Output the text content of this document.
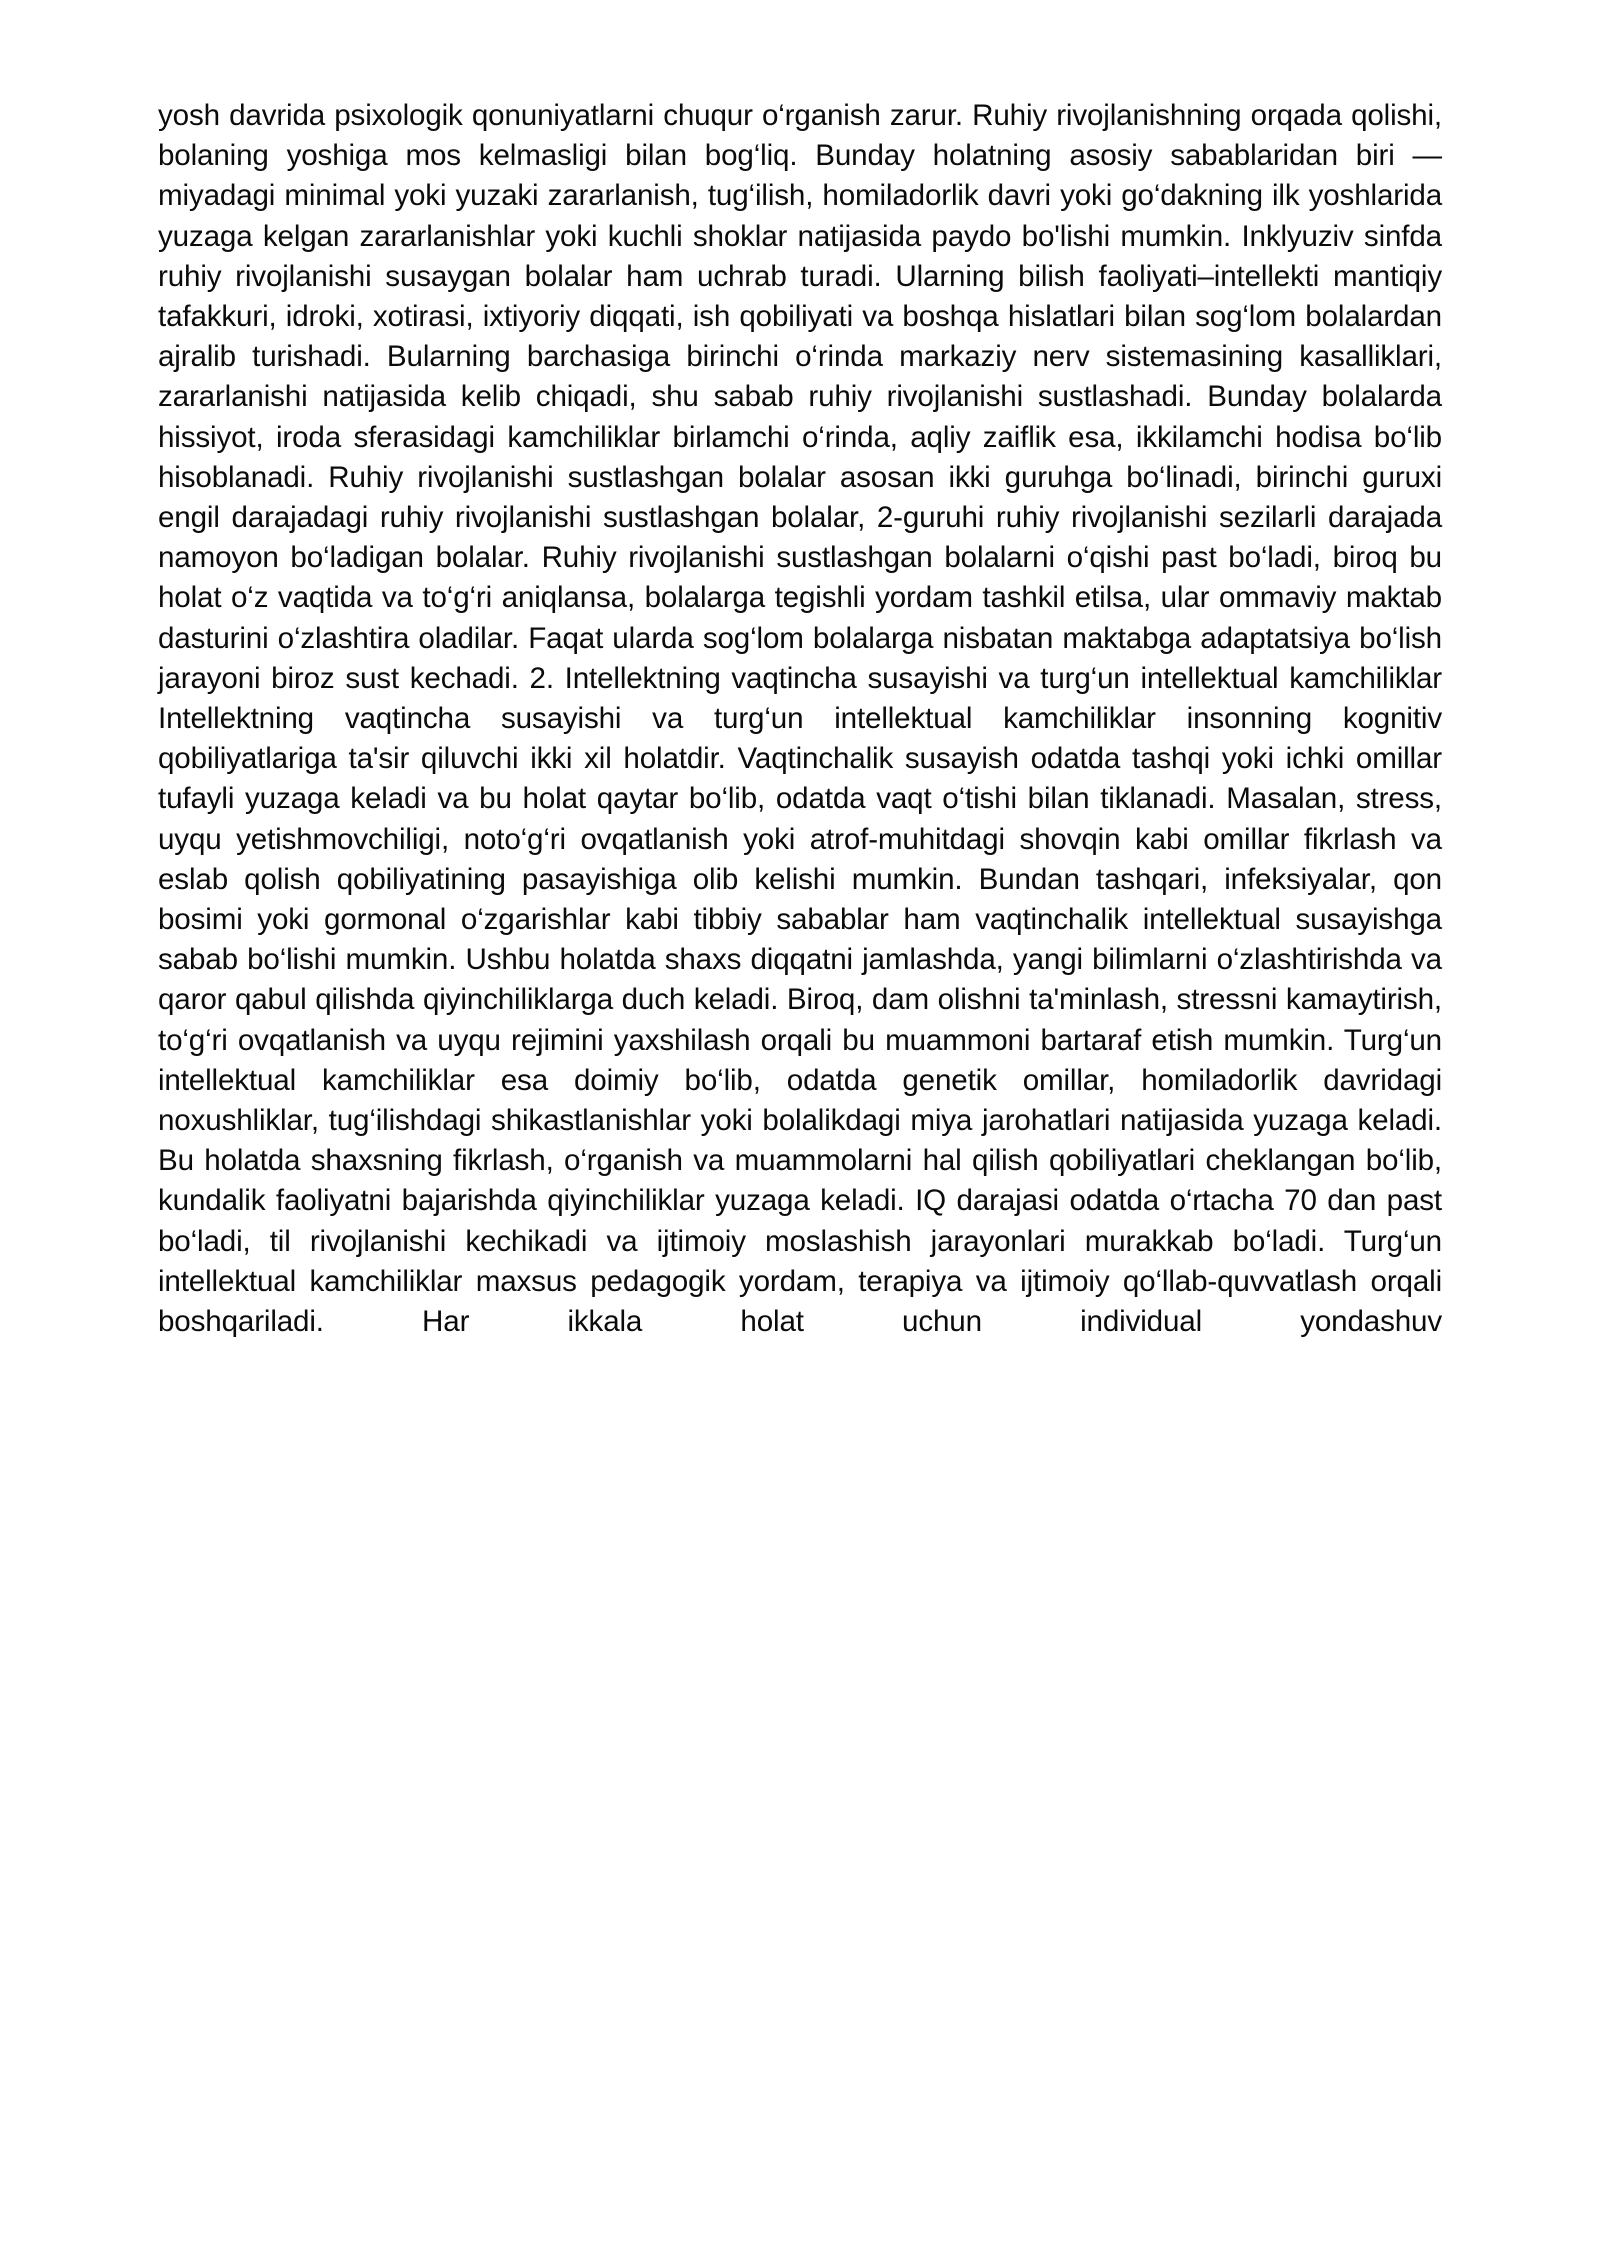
yosh davrida psixologik qonuniyatlarni chuqur o‘rganish zarur. Ruhiy rivojlanishning orqada qolishi, bolaning yoshiga mos kelmasligi bilan bog‘liq. Bunday holatning asosiy sabablaridan biri — miyadagi minimal yoki yuzaki zararlanish, tug‘ilish, homiladorlik davri yoki go‘dakning ilk yoshlarida yuzaga kelgan zararlanishlar yoki kuchli shoklar natijasida paydo bo'lishi mumkin. Inklyuziv sinfda ruhiy rivojlanishi susaygan bolalar ham uchrab turadi. Ularning bilish faoliyati–intellekti mantiqiy tafakkuri, idroki, xotirasi, ixtiyoriy diqqati, ish qobiliyati va boshqa hislatlari bilan sog‘lom bolalardan ajralib turishadi. Bularning barchasiga birinchi o‘rinda markaziy nerv sistemasining kasalliklari, zararlanishi natijasida kelib chiqadi, shu sabab ruhiy rivojlanishi sustlashadi. Bunday bolalarda hissiyot, iroda sferasidagi kamchiliklar birlamchi o‘rinda, aqliy zaiflik esa, ikkilamchi hodisa bo‘lib hisoblanadi. Ruhiy rivojlanishi sustlashgan bolalar asosan ikki guruhga bo‘linadi, birinchi guruxi engil darajadagi ruhiy rivojlanishi sustlashgan bolalar, 2-guruhi ruhiy rivojlanishi sezilarli darajada namoyon bo‘ladigan bolalar. Ruhiy rivojlanishi sustlashgan bolalarni o‘qishi past bo‘ladi, biroq bu holat o‘z vaqtida va to‘g‘ri aniqlansa, bolalarga tegishli yordam tashkil etilsa, ular ommaviy maktab dasturini o‘zlashtira oladilar. Faqat ularda sog‘lom bolalarga nisbatan maktabga adaptatsiya bo‘lish jarayoni biroz sust kechadi. 2. Intellektning vaqtincha susayishi va turg‘un intellektual kamchiliklar Intellektning vaqtincha susayishi va turg‘un intellektual kamchiliklar insonning kognitiv qobiliyatlariga ta'sir qiluvchi ikki xil holatdir. Vaqtinchalik susayish odatda tashqi yoki ichki omillar tufayli yuzaga keladi va bu holat qaytar bo‘lib, odatda vaqt o‘tishi bilan tiklanadi. Masalan, stress, uyqu yetishmovchiligi, noto‘g‘ri ovqatlanish yoki atrof-muhitdagi shovqin kabi omillar fikrlash va eslab qolish qobiliyatining pasayishiga olib kelishi mumkin. Bundan tashqari, infeksiyalar, qon bosimi yoki gormonal o‘zgarishlar kabi tibbiy sabablar ham vaqtinchalik intellektual susayishga sabab bo‘lishi mumkin. Ushbu holatda shaxs diqqatni jamlashda, yangi bilimlarni o‘zlashtirishda va qaror qabul qilishda qiyinchiliklarga duch keladi. Biroq, dam olishni ta'minlash, stressni kamaytirish, to‘g‘ri ovqatlanish va uyqu rejimini yaxshilash orqali bu muammoni bartaraf etish mumkin. Turg‘un intellektual kamchiliklar esa doimiy bo‘lib, odatda genetik omillar, homiladorlik davridagi noxushliklar, tug‘ilishdagi shikastlanishlar yoki bolalikdagi miya jarohatlari natijasida yuzaga keladi. Bu holatda shaxsning fikrlash, o‘rganish va muammolarni hal qilish qobiliyatlari cheklangan bo‘lib, kundalik faoliyatni bajarishda qiyinchiliklar yuzaga keladi. IQ darajasi odatda o‘rtacha 70 dan past bo‘ladi, til rivojlanishi kechikadi va ijtimoiy moslashish jarayonlari murakkab bo‘ladi. Turg‘un intellektual kamchiliklar maxsus pedagogik yordam, terapiya va ijtimoiy qo‘llab-quvvatlash orqali boshqariladi. Har ikkala holat uchun individual yondashuv
